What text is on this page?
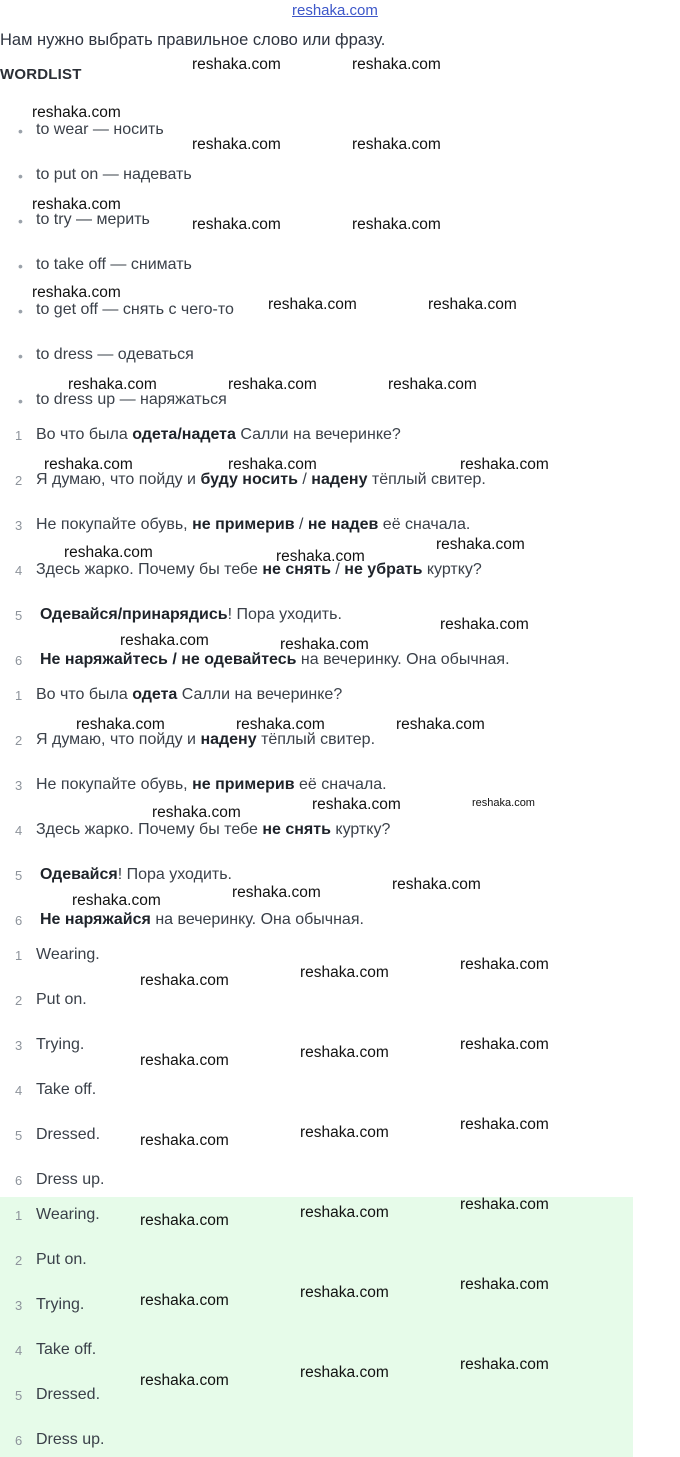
reshaka.com
Нам нужно выбрать правильное слово или фразу.
WORDLIST
• to wear — носить
• to put on — надевать
• to try — мерить
• to take off — снимать
• to get off — снять с чего-то
• to dress — одеваться
• to dress up — наряжаться
1 Во что была одета/надета Салли на вечеринке?
2 Я думаю, что пойду и буду носить / надену тёплый свитер.
3 Не покупайте обувь, не примерив / не надев её сначала.
4 Здесь жарко. Почему бы тебе не снять / не убрать куртку?
5 Одевайся/принарядись! Пора уходить.
6 Не наряжайтесь / не одевайтесь на вечеринку. Она обычная.
1 Во что была одета Салли на вечеринке?
2 Я думаю, что пойду и надену тёплый свитер.
3 Не покупайте обувь, не примерив её сначала.
4 Здесь жарко. Почему бы тебе не снять куртку?
5 Одевайся! Пора уходить.
6 Не наряжайся на вечеринку. Она обычная.
1 Wearing.
2 Put on.
3 Trying.
4 Take off.
5 Dressed.
6 Dress up.
1 Wearing.
2 Put on.
3 Trying.
4 Take off.
5 Dressed.
6 Dress up.
reshaka.com	reshaka.com
reshaka.com
reshaka.com	reshaka.com
reshaka.com
reshaka.com	reshaka.com
reshaka.com
reshaka.com	reshaka.com
reshaka.com	reshaka.com	reshaka.com
reshaka.com	reshaka.com	reshaka.com
reshaka.com	reshaka.com
reshaka.com
reshaka.com
reshaka.com	reshaka.com
reshaka.com	reshaka.com	reshaka.com
reshaka.com	reshaka.com
reshaka.com
reshaka.com
reshaka.com
reshaka.com
reshaka.com
reshaka.com
reshaka.com
reshaka.com
reshaka.com
reshaka.com
reshaka.com
reshaka.com
reshaka.com
reshaka.com
reshaka.com
reshaka.com
reshaka.com
reshaka.com
reshaka.com
reshaka.com
reshaka.com
reshaka.com
